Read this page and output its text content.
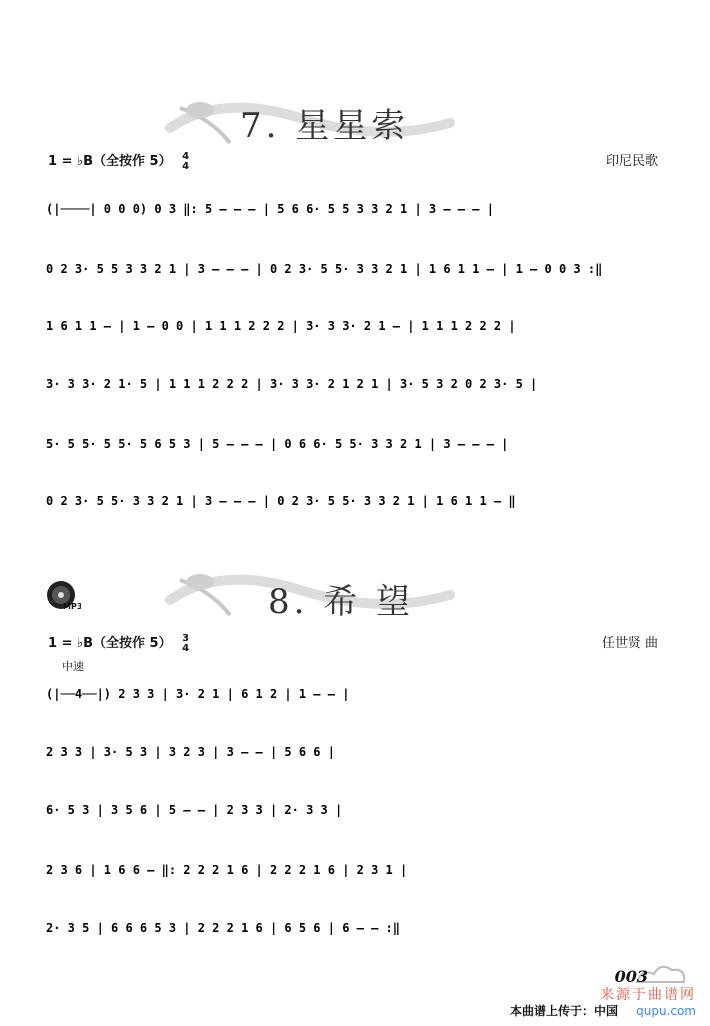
7. 星星索
1 = ♭B（全按作 5） 4
4	印尼民歌
(|────| 0 0 0) 0 3 ‖: 5 – – – | 5 6 6· 5 5 3 3 2 1 | 3 – – – |
0 2 3· 5 5 3 3 2 1 | 3 – – – | 0 2 3· 5 5· 3 3 2 1 | 1 6 1 1 – | 1 – 0 0 3 :‖
1 6 1 1 – | 1 – 0 0 | 1 1 1 2 2 2 | 3· 3 3· 2 1 – | 1 1 1 2 2 2 |
3· 3 3· 2 1· 5 | 1 1 1 2 2 2 | 3· 3 3· 2 1 2 1 | 3· 5 3 2 0 2 3· 5 |
5· 5 5· 5 5· 5 6 5 3 | 5 – – – | 0 6 6· 5 5· 3 3 2 1 | 3 – – – |
0 2 3· 5 5· 3 3 2 1 | 3 – – – | 0 2 3· 5 5· 3 3 2 1 | 1 6 1 1 – ‖
MP3	8. 希 望
1 = ♭B（全按作 5） 3
4	任世贤 曲
中速
(|──4──|) 2 3 3 | 3· 2 1 | 6 1 2 | 1 – – |
2 3 3 | 3· 5 3 | 3 2 3 | 3 – – | 5 6 6 |
6· 5 3 | 3 5 6 | 5 – – | 2 3 3 | 2· 3 3 |
2 3 6 | 1 6 6 – ‖: 2 2 2 1 6 | 2 2 2 1 6 | 2 3 1 |
2· 3 5 | 6 6 6 5 3 | 2 2 2 1 6 | 6 5 6 | 6 – – :‖
003
来源于曲谱网
qupu.com
本曲谱上传于：中国
